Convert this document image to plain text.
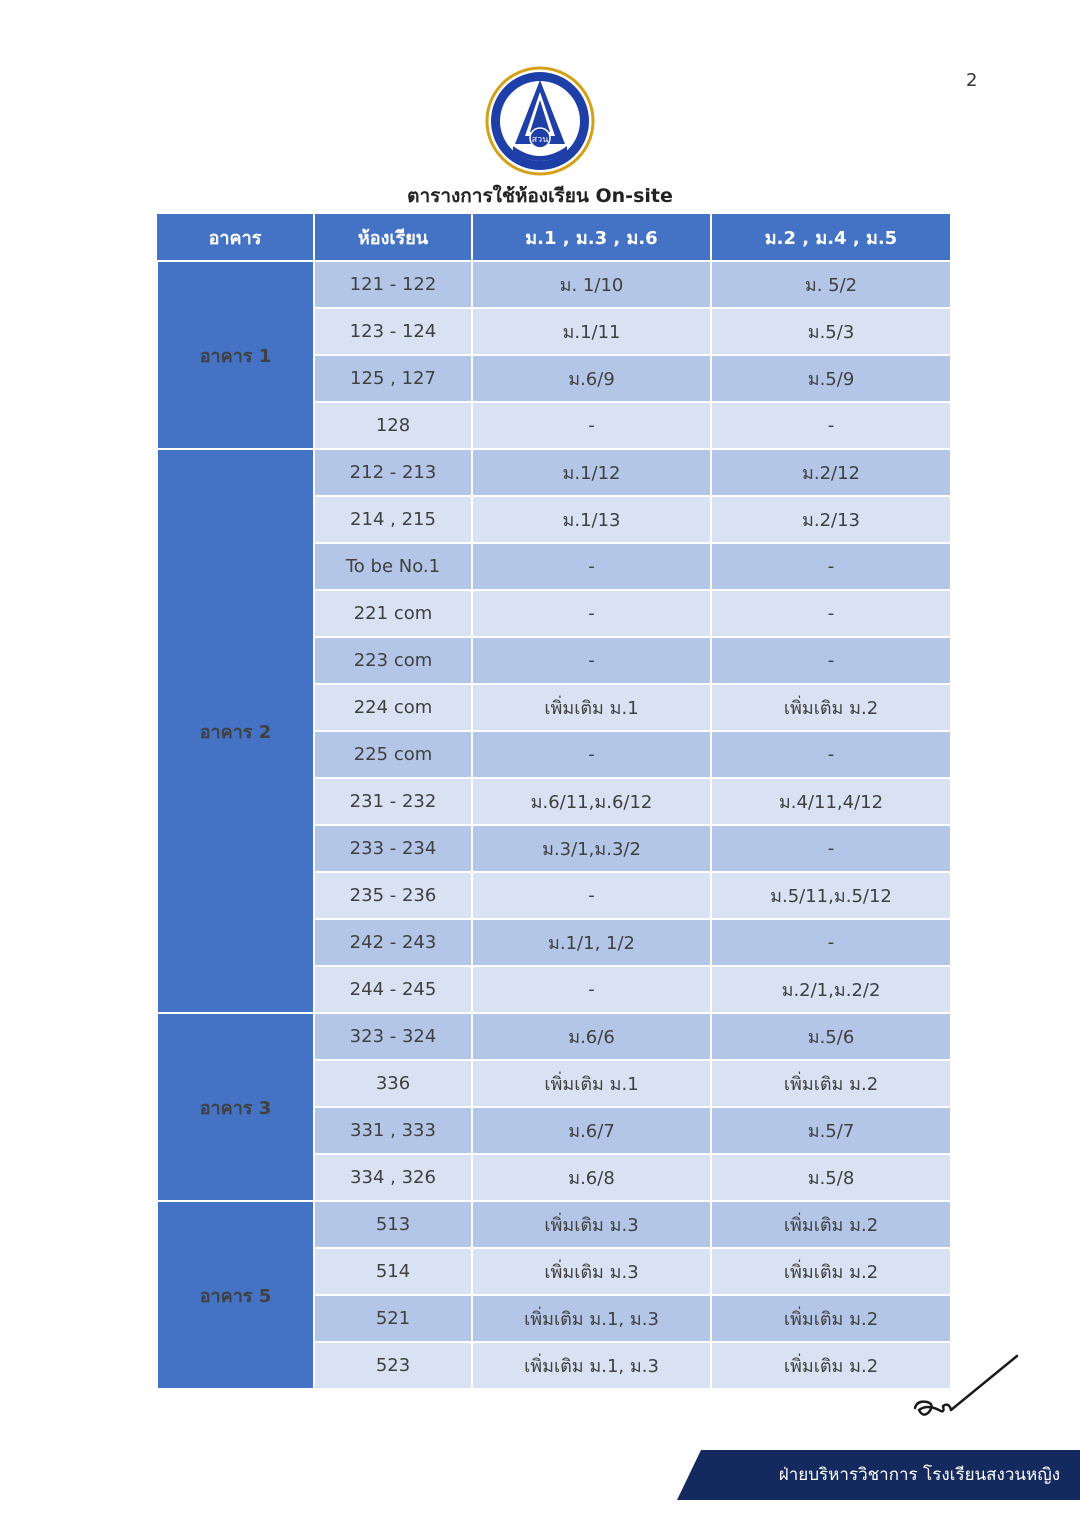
2
สวน
ตารางการใช้ห้องเรียน On-site
อาคาร	ห้องเรียน	ม.1 , ม.3 , ม.6	ม.2 , ม.4 , ม.5
อาคาร 1	121 - 122	ม. 1/10	ม. 5/2
	123 - 124	ม.1/11	ม.5/3
	125 , 127	ม.6/9	ม.5/9
	128	-	-
อาคาร 2	212 - 213	ม.1/12	ม.2/12
	214 , 215	ม.1/13	ม.2/13
	To be No.1	-	-
	221 com	-	-
	223 com	-	-
	224 com	เพิ่มเติม ม.1	เพิ่มเติม ม.2
	225 com	-	-
	231 - 232	ม.6/11,ม.6/12	ม.4/11,4/12
	233 - 234	ม.3/1,ม.3/2	-
	235 - 236	-	ม.5/11,ม.5/12
	242 - 243	ม.1/1, 1/2	-
	244 - 245	-	ม.2/1,ม.2/2
อาคาร 3	323 - 324	ม.6/6	ม.5/6
	336	เพิ่มเติม ม.1	เพิ่มเติม ม.2
	331 , 333	ม.6/7	ม.5/7
	334 , 326	ม.6/8	ม.5/8
อาคาร 5	513	เพิ่มเติม ม.3	เพิ่มเติม ม.2
	514	เพิ่มเติม ม.3	เพิ่มเติม ม.2
	521	เพิ่มเติม ม.1, ม.3	เพิ่มเติม ม.2
	523	เพิ่มเติม ม.1, ม.3	เพิ่มเติม ม.2
ฝ่ายบริหารวิชาการ โรงเรียนสงวนหญิง
